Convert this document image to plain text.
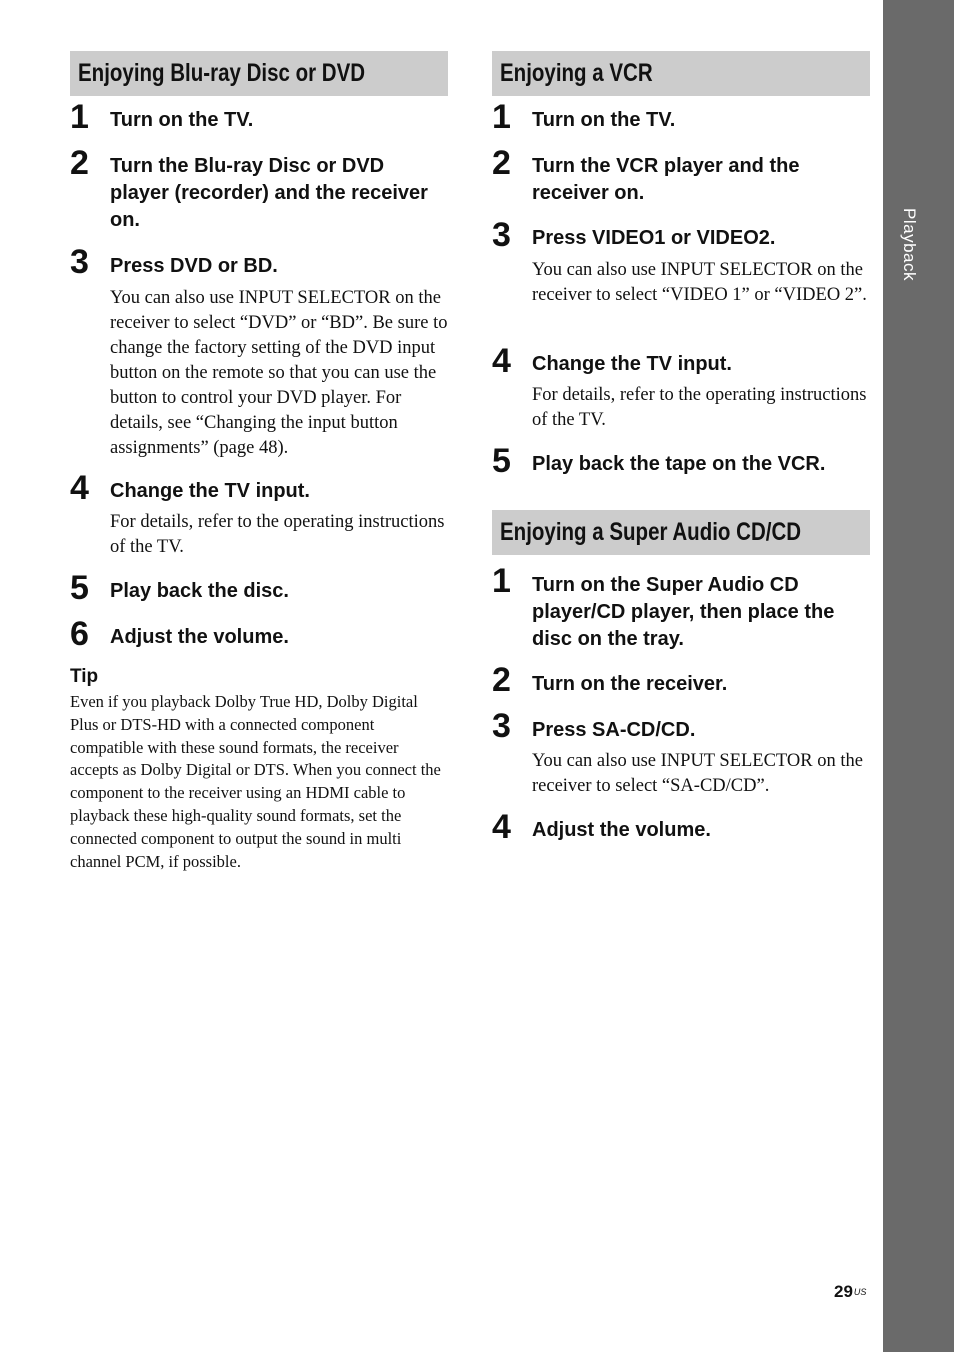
Playback
Enjoying Blu-ray Disc or DVD
1 Turn on the TV.
2 Turn the Blu-ray Disc or DVD player (recorder) and the receiver on.
3 Press DVD or BD.
You can also use INPUT SELECTOR on the receiver to select “DVD” or “BD”. Be sure to change the factory setting of the DVD input button on the remote so that you can use the button to control your DVD player. For details, see “Changing the input button assignments” (page 48).
4 Change the TV input.
For details, refer to the operating instructions of the TV.
5 Play back the disc.
6 Adjust the volume.
Tip
Even if you playback Dolby True HD, Dolby Digital Plus or DTS-HD with a connected component compatible with these sound formats, the receiver accepts as Dolby Digital or DTS. When you connect the component to the receiver using an HDMI cable to playback these high-quality sound formats, set the connected component to output the sound in multi channel PCM, if possible.
Enjoying a VCR
1 Turn on the TV.
2 Turn the VCR player and the receiver on.
3 Press VIDEO1 or VIDEO2.
You can also use INPUT SELECTOR on the receiver to select “VIDEO 1” or “VIDEO 2”.
4 Change the TV input.
For details, refer to the operating instructions of the TV.
5 Play back the tape on the VCR.
Enjoying a Super Audio CD/CD
1 Turn on the Super Audio CD player/CD player, then place the disc on the tray.
2 Turn on the receiver.
3 Press SA-CD/CD.
You can also use INPUT SELECTOR on the receiver to select “SA-CD/CD”.
4 Adjust the volume.
$29^{US}$
